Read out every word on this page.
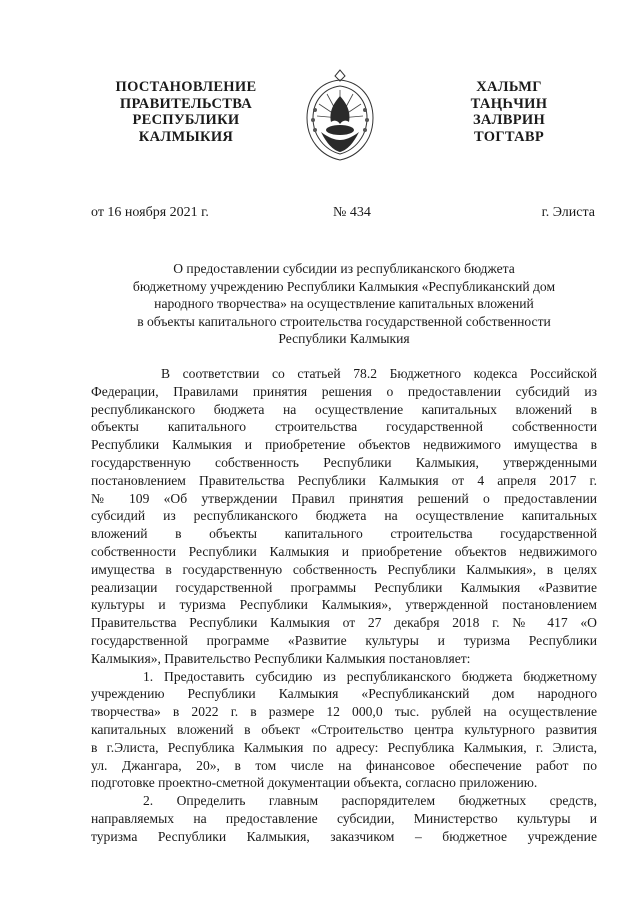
ПОСТАНОВЛЕНИЕ
ПРАВИТЕЛЬСТВА
РЕСПУБЛИКИ
КАЛМЫКИЯ
ХАЛЬМГ
ТАҢҺЧИН
ЗАЛВРИН
ТОГТАВР
от 16 ноября 2021 г.	№ 434	г. Элиста
О предоставлении субсидии из республиканского бюджета
бюджетному учреждению Республики Калмыкия «Республиканский дом
народного творчества» на осуществление капитальных вложений
в объекты капитального строительства государственной собственности
Республики Калмыкия
В соответствии со статьей 78.2 Бюджетного кодекса Российской
Федерации, Правилами принятия решения о предоставлении субсидий из
республиканского бюджета на осуществление капитальных вложений в
объекты капитального строительства государственной собственности
Республики Калмыкия и приобретение объектов недвижимого имущества в
государственную собственность Республики Калмыкия, утвержденными
постановлением Правительства Республики Калмыкия от 4 апреля 2017 г.
№ 109 «Об утверждении Правил принятия решений о предоставлении
субсидий из республиканского бюджета на осуществление капитальных
вложений в объекты капитального строительства государственной
собственности Республики Калмыкия и приобретение объектов недвижимого
имущества в государственную собственность Республики Калмыкия», в целях
реализации государственной программы Республики Калмыкия «Развитие
культуры и туризма Республики Калмыкия», утвержденной постановлением
Правительства Республики Калмыкия от 27 декабря 2018 г. № 417 «О
государственной программе «Развитие культуры и туризма Республики
Калмыкия», Правительство Республики Калмыкия постановляет:
1. Предоставить субсидию из республиканского бюджета бюджетному
учреждению Республики Калмыкия «Республиканский дом народного
творчества» в 2022 г. в размере 12 000,0 тыс. рублей на осуществление
капитальных вложений в объект «Строительство центра культурного развития
в г.Элиста, Республика Калмыкия по адресу: Республика Калмыкия, г. Элиста,
ул. Джангара, 20», в том числе на финансовое обеспечение работ по
подготовке проектно-сметной документации объекта, согласно приложению.
2. Определить главным распорядителем бюджетных средств,
направляемых на предоставление субсидии, Министерство культуры и
туризма Республики Калмыкия, заказчиком – бюджетное учреждение
